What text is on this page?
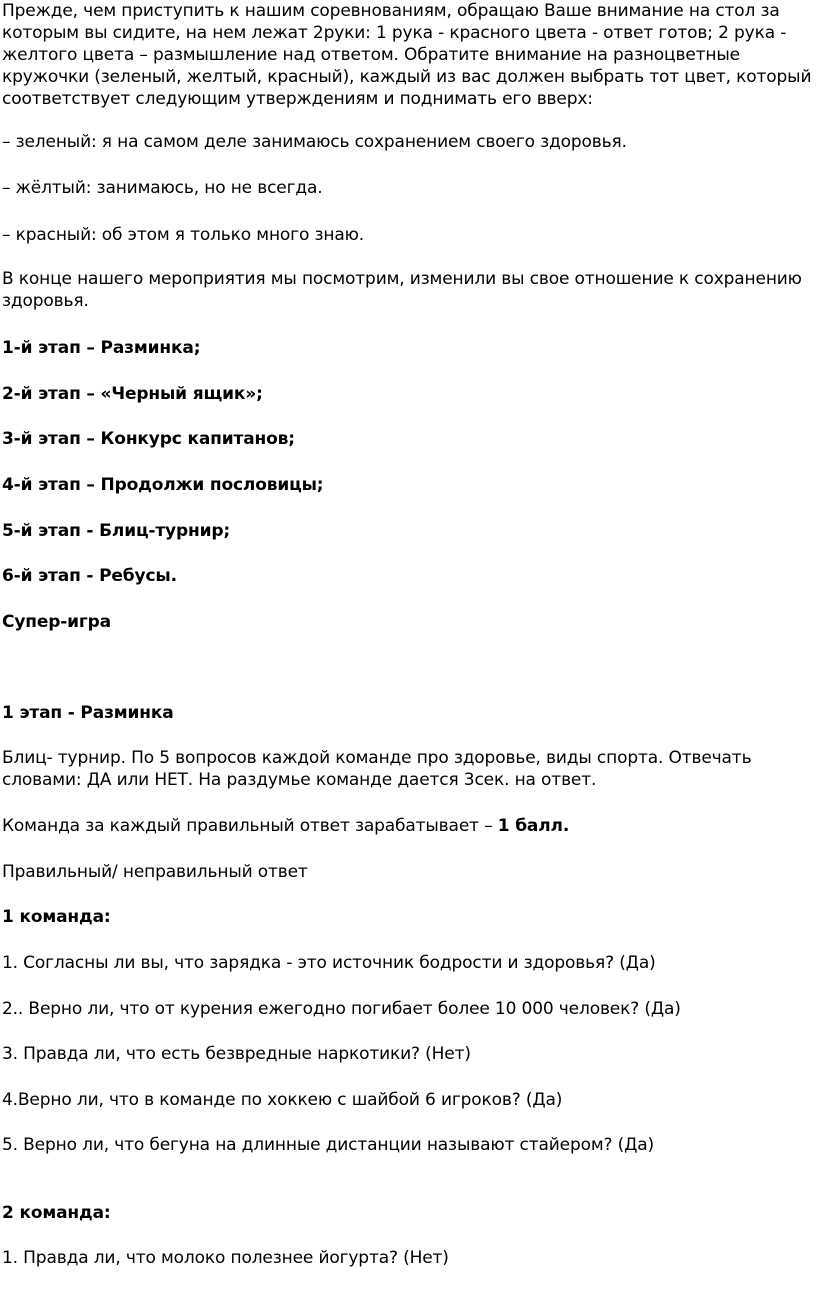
Прежде, чем приступить к нашим соревнованиям, обращаю Ваше внимание на стол за которым вы сидите, на нем лежат 2руки: 1 рука - красного цвета - ответ готов; 2 рука - желтого цвета – размышление над ответом. Обратите внимание на разноцветные кружочки (зеленый, желтый, красный), каждый из вас должен выбрать тот цвет, который соответствует следующим утверждениям и поднимать его вверх:

– зеленый: я на самом деле занимаюсь сохранением своего здоровья.

– жёлтый: занимаюсь, но не всегда.

– красный: об этом я только много знаю.

В конце нашего мероприятия мы посмотрим, изменили вы свое отношение к сохранению здоровья.

1-й этап – Разминка;

2-й этап – «Черный ящик»;

3-й этап – Конкурс капитанов;

4-й этап – Продолжи пословицы;

5-й этап - Блиц-турнир;

6-й этап - Ребусы.

Супер-игра

1 этап - Разминка

Блиц- турнир. По 5 вопросов каждой команде про здоровье, виды спорта. Отвечать словами: ДА или НЕТ. На раздумье команде дается 3сек. на ответ.

Команда за каждый правильный ответ зарабатывает – 1 балл.

Правильный/ неправильный ответ

1 команда:

1. Согласны ли вы, что зарядка - это источник бодрости и здоровья? (Да)

2.. Верно ли, что от курения ежегодно погибает более 10 000 человек? (Да)

3. Правда ли, что есть безвредные наркотики? (Нет)

4.Верно ли, что в команде по хоккею с шайбой 6 игроков? (Да)

5. Верно ли, что бегуна на длинные дистанции называют стайером? (Да)

2 команда:

1. Правда ли, что молоко полезнее йогурта? (Нет)
